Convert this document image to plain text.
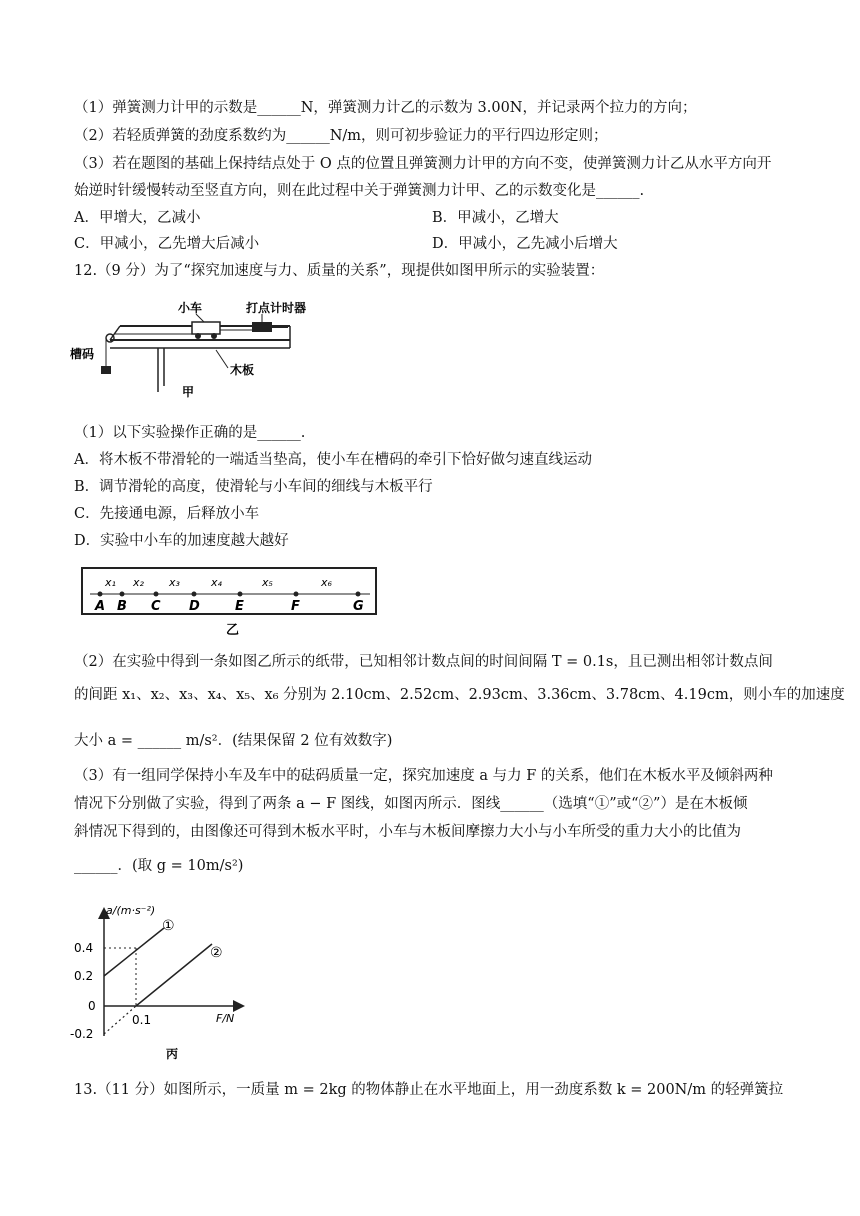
（1）弹簧测力计甲的示数是______N，弹簧测力计乙的示数为 3.00N，并记录两个拉力的方向；
（2）若轻质弹簧的劲度系数约为______N/m，则可初步验证力的平行四边形定则；
（3）若在题图的基础上保持结点处于 O 点的位置且弹簧测力计甲的方向不变，使弹簧测力计乙从水平方向开
始逆时针缓慢转动至竖直方向，则在此过程中关于弹簧测力计甲、乙的示数变化是______.
A．甲增大，乙减小	B．甲减小，乙增大
C．甲减小，乙先增大后减小	D．甲减小，乙先减小后增大
12.（9 分）为了“探究加速度与力、质量的关系”，现提供如图甲所示的实验装置：
小车	打点计时器
槽码
木板
甲
（1）以下实验操作正确的是______.
A．将木板不带滑轮的一端适当垫高，使小车在槽码的牵引下恰好做匀速直线运动
B．调节滑轮的高度，使滑轮与小车间的细线与木板平行
C．先接通电源，后释放小车
D．实验中小车的加速度越大越好
A B C D	E	F	G
x₁ x₂ x₃	x₄	x₅	x₆
乙
（2）在实验中得到一条如图乙所示的纸带，已知相邻计数点间的时间间隔 T = 0.1s，且已测出相邻计数点间
的间距 x₁、x₂、x₃、x₄、x₅、x₆ 分别为 2.10cm、2.52cm、2.93cm、3.36cm、3.78cm、4.19cm，则小车的加速度
大小 a = ______ m/s²．(结果保留 2 位有效数字)
（3）有一组同学保持小车及车中的砝码质量一定，探究加速度 a 与力 F 的关系，他们在木板水平及倾斜两种
情况下分别做了实验，得到了两条 a − F 图线，如图丙所示．图线______（选填“①”或“②”）是在木板倾
斜情况下得到的，由图像还可得到木板水平时，小车与木板间摩擦力大小与小车所受的重力大小的比值为
______．(取 g = 10m/s²)
a/(m·s⁻²)
F/N
0.4
0.2
0
-0.2
0.1
①
②
丙
13.（11 分）如图所示，一质量 m = 2kg 的物体静止在水平地面上，用一劲度系数 k = 200N/m 的轻弹簧拉
